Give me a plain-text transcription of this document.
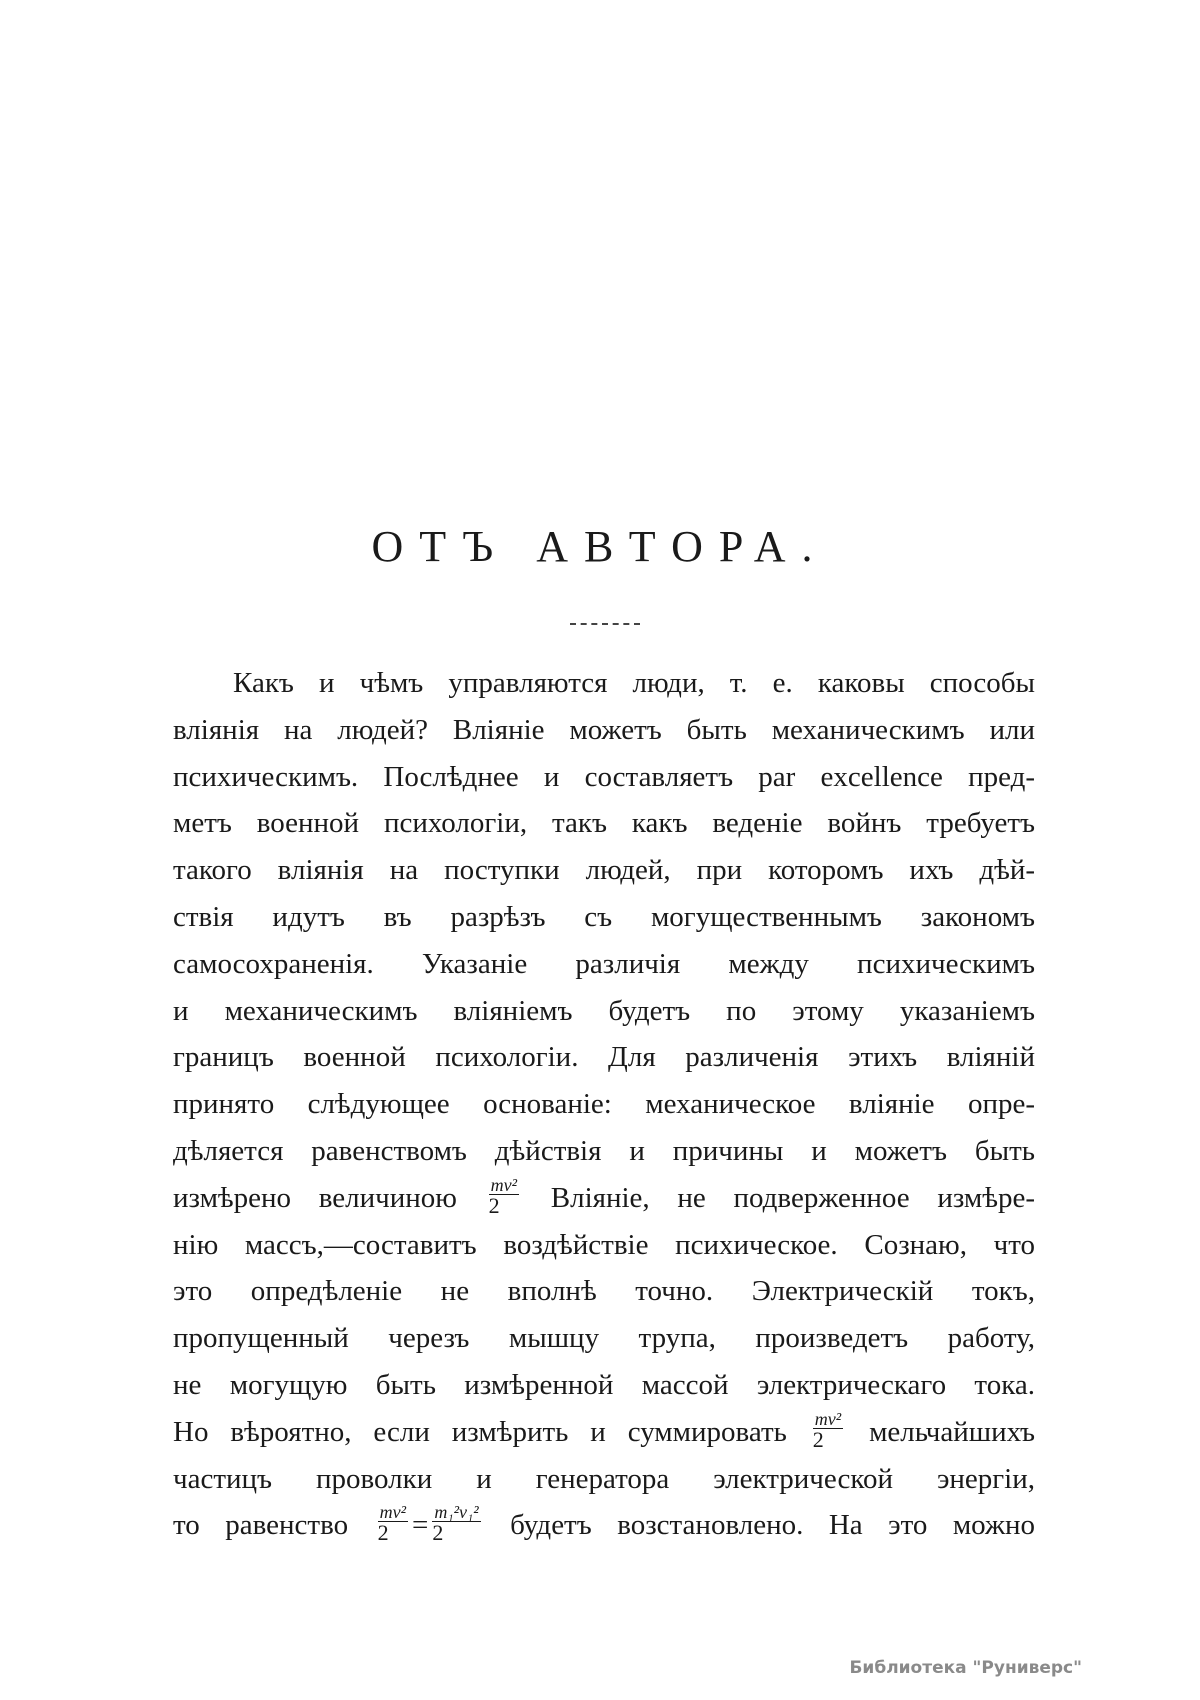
ОТЪ АВТОРА.
Какъ и чѣмъ управляются люди, т. е. каковы способы
вліянія на людей? Вліяніе можетъ быть механическимъ или
психическимъ. Послѣднее и составляетъ par excellence пред-
метъ военной психологіи, такъ какъ веденіе войнъ требуетъ
такого вліянія на поступки людей, при которомъ ихъ дѣй-
ствія идутъ въ разрѣзъ съ могущественнымъ закономъ
самосохраненія. Указаніе различія между психическимъ
и механическимъ вліяніемъ будетъ по этому указаніемъ
границъ военной психологіи. Для различенія этихъ вліяній
принято слѣдующее основаніе: механическое вліяніе опре-
дѣляется равенствомъ дѣйствія и причины и можетъ быть
измѣрено величиною $\frac{\text{mv²}}{2}$ Вліяніе, не подверженное измѣре-
нію массъ,—составитъ воздѣйствіе психическое. Сознаю, что
это опредѣленіе не вполнѣ точно. Электрическій токъ,
пропущенный черезъ мышцу трупа, произведетъ работу,
не могущую быть измѣренной массой электрическаго тока.
Но вѣроятно, если измѣрить и суммировать $\frac{\text{mv²}}{2}$ мельчайшихъ
частицъ проволки и генератора электрической энергіи,
то равенство $\frac{\text{mv²}}{2} = \frac{\text{m₁²v₁²}}{2}$ будетъ возстановлено. На это можно

Библиотека "Руниверс"
